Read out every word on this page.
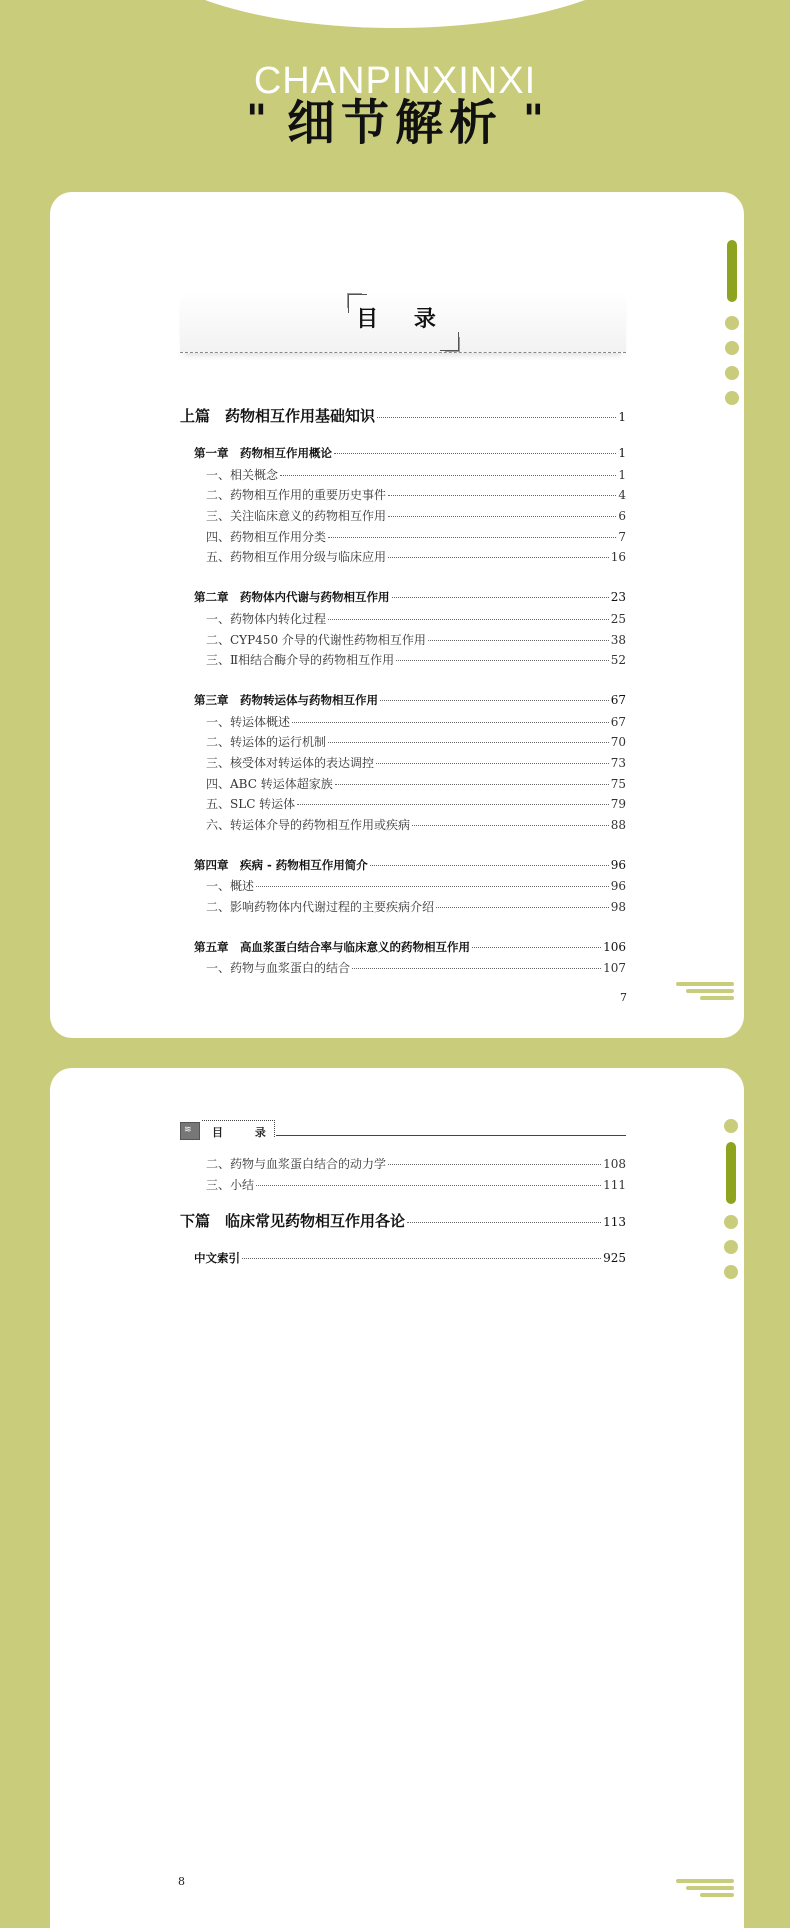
CHANPINXINXI
" 细节解析 "
目 录
上篇　药物相互作用基础知识	1
第一章　药物相互作用概论	1
一、相关概念	1
二、药物相互作用的重要历史事件	4
三、关注临床意义的药物相互作用	6
四、药物相互作用分类	7
五、药物相互作用分级与临床应用	16
第二章　药物体内代谢与药物相互作用	23
一、药物体内转化过程	25
二、CYP450 介导的代谢性药物相互作用	38
三、Ⅱ相结合酶介导的药物相互作用	52
第三章　药物转运体与药物相互作用	67
一、转运体概述	67
二、转运体的运行机制	70
三、核受体对转运体的表达调控	73
四、ABC 转运体超家族	75
五、SLC 转运体	79
六、转运体介导的药物相互作用或疾病	88
第四章　疾病 - 药物相互作用简介	96
一、概述	96
二、影响药物体内代谢过程的主要疾病介绍	98
第五章　高血浆蛋白结合率与临床意义的药物相互作用	106
一、药物与血浆蛋白的结合	107
7
≋ 目 录
二、药物与血浆蛋白结合的动力学	108
三、小结	111
下篇　临床常见药物相互作用各论	113
中文索引	925
8
